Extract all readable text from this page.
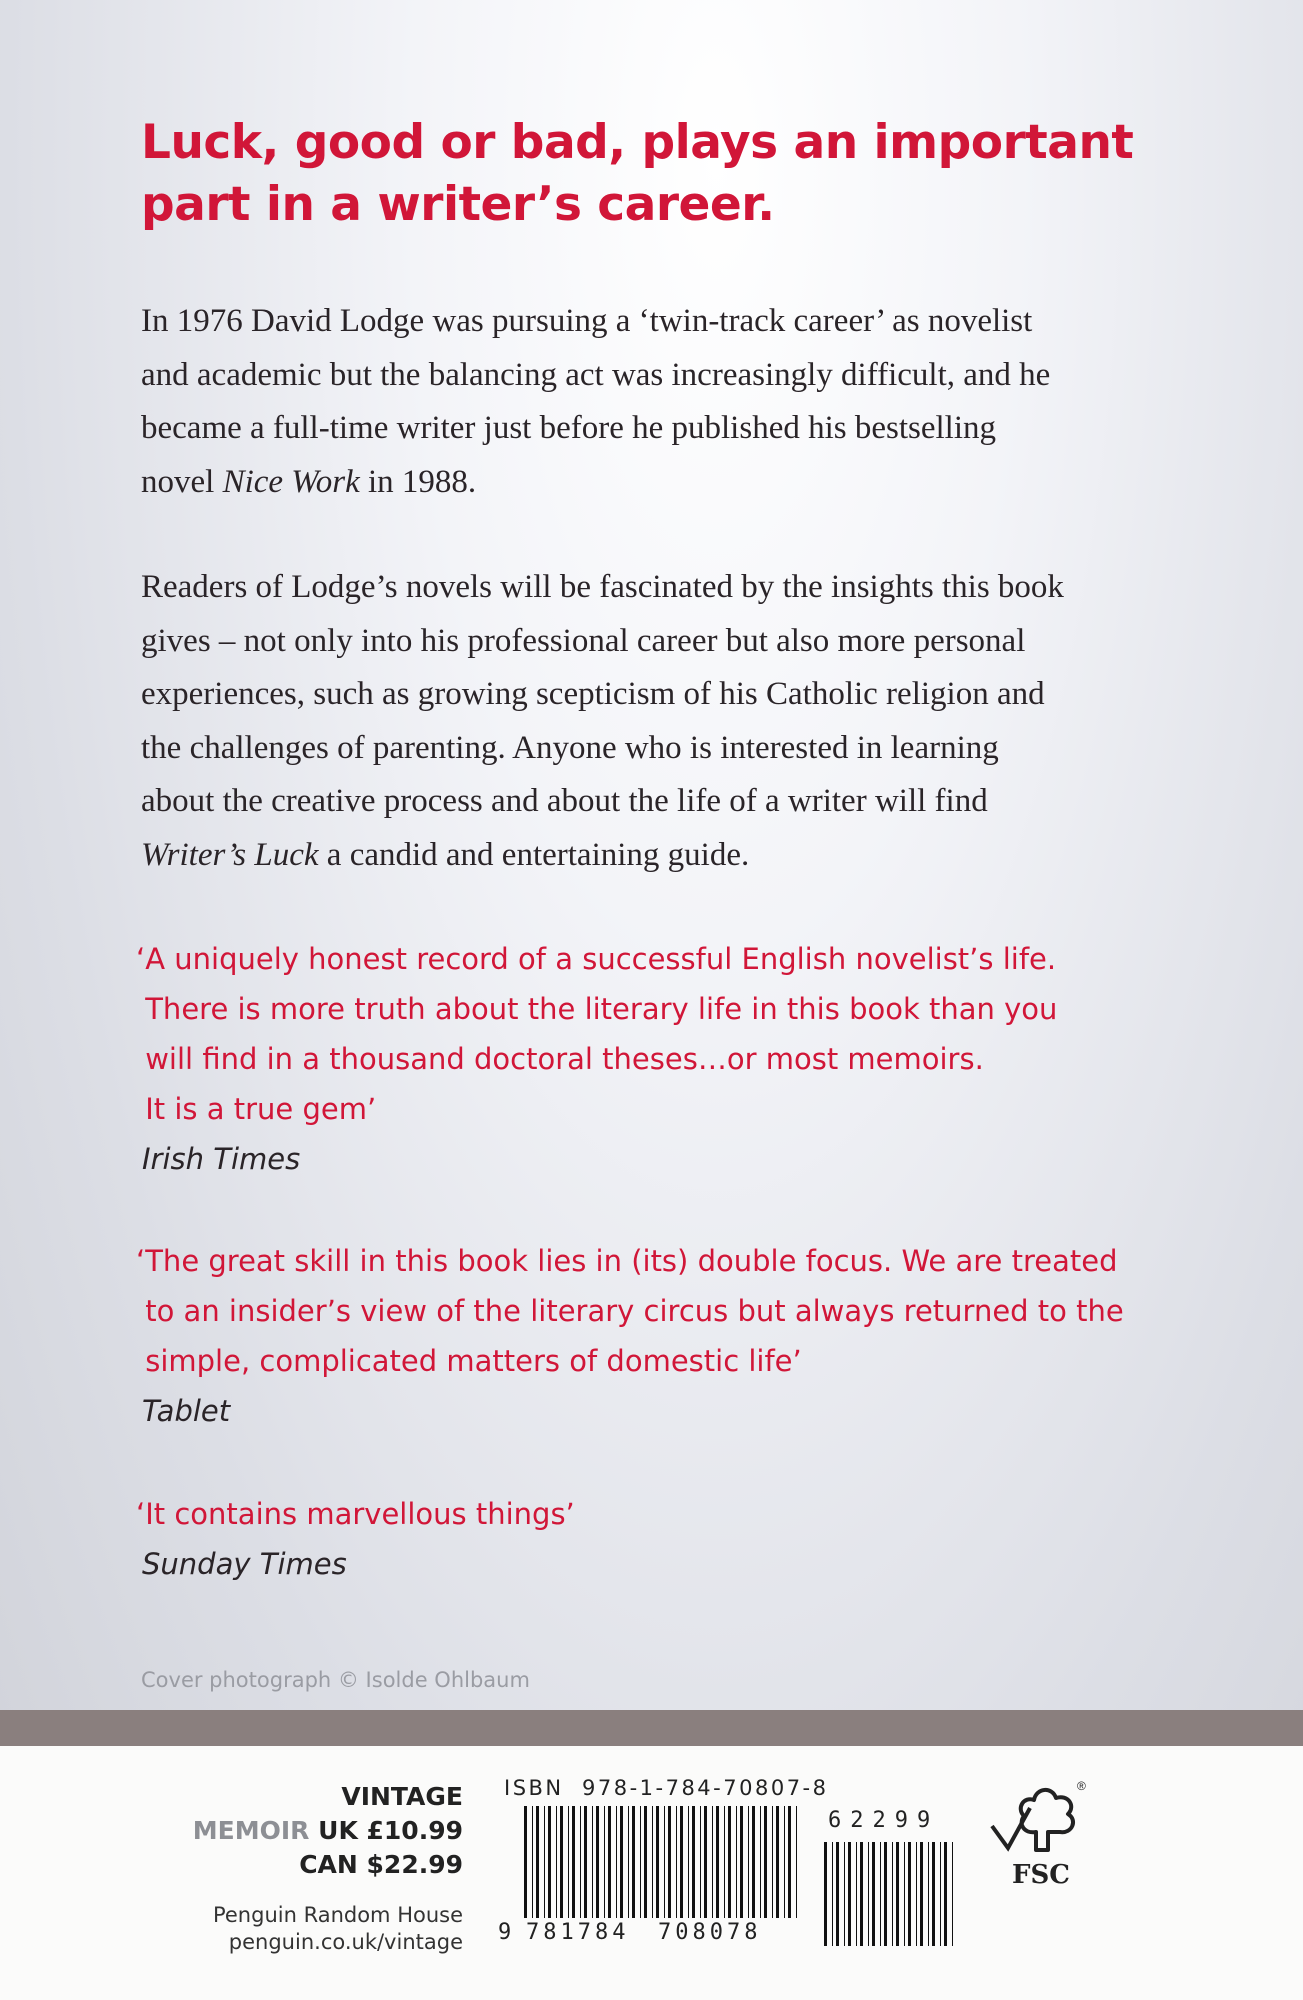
Luck, good or bad, plays an important
part in a writer’s career.

In 1976 David Lodge was pursuing a ‘twin-track career’ as novelist

and academic but the balancing act was increasingly difficult, and he

became a full-time writer just before he published his bestselling

novel Nice Work in 1988.

Readers of Lodge’s novels will be fascinated by the insights this book

gives – not only into his professional career but also more personal

experiences, such as growing scepticism of his Catholic religion and

the challenges of parenting. Anyone who is interested in learning

about the creative process and about the life of a writer will find

Writer’s Luck a candid and entertaining guide.

‘A uniquely honest record of a successful English novelist’s life.

There is more truth about the literary life in this book than you

will find in a thousand doctoral theses…or most memoirs.

It is a true gem’

Irish Times

‘The great skill in this book lies in (its) double focus. We are treated

to an insider’s view of the literary circus but always returned to the

simple, complicated matters of domestic life’

Tablet

‘It contains marvellous things’

Sunday Times

Cover photograph © Isolde Ohlbaum
VINTAGE
MEMOIR UK £10.99
CAN $22.99
Penguin Random House
penguin.co.uk/vintage
ISBN  978-1-784-70807-8
9 781784 708078
62299
®
FSC
